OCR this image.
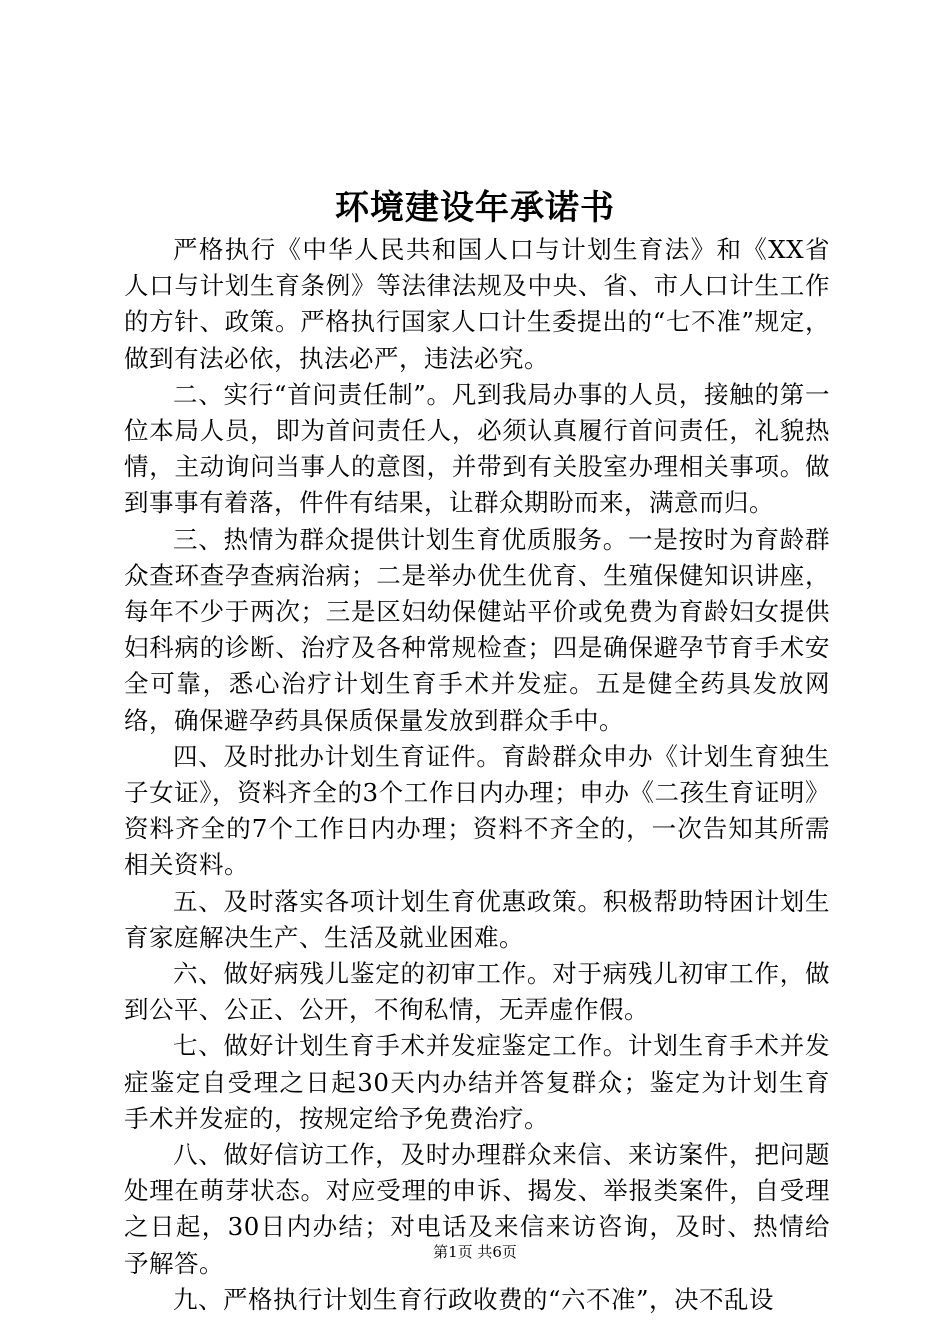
环境建设年承诺书

严格执行《中华人民共和国人口与计划生育法》和《XX省人口与计划生育条例》等法律法规及中央、省、市人口计生工作的方针、政策。严格执行国家人口计生委提出的“七不准”规定，做到有法必依，执法必严，违法必究。

二、实行“首问责任制”。凡到我局办事的人员，接触的第一位本局人员，即为首问责任人，必须认真履行首问责任，礼貌热情，主动询问当事人的意图，并带到有关股室办理相关事项。做到事事有着落，件件有结果，让群众期盼而来，满意而归。

三、热情为群众提供计划生育优质服务。一是按时为育龄群众查环查孕查病治病；二是举办优生优育、生殖保健知识讲座，每年不少于两次；三是区妇幼保健站平价或免费为育龄妇女提供妇科病的诊断、治疗及各种常规检查；四是确保避孕节育手术安全可靠，悉心治疗计划生育手术并发症。五是健全药具发放网络，确保避孕药具保质保量发放到群众手中。

四、及时批办计划生育证件。育龄群众申办《计划生育独生子女证》，资料齐全的3个工作日内办理；申办《二孩生育证明》资料齐全的7个工作日内办理；资料不齐全的，一次告知其所需相关资料。

五、及时落实各项计划生育优惠政策。积极帮助特困计划生育家庭解决生产、生活及就业困难。

六、做好病残儿鉴定的初审工作。对于病残儿初审工作，做到公平、公正、公开，不徇私情，无弄虚作假。

七、做好计划生育手术并发症鉴定工作。计划生育手术并发症鉴定自受理之日起30天内办结并答复群众；鉴定为计划生育手术并发症的，按规定给予免费治疗。

八、做好信访工作，及时办理群众来信、来访案件，把问题处理在萌芽状态。对应受理的申诉、揭发、举报类案件，自受理之日起，30日内办结；对电话及来信来访咨询，及时、热情给予解答。

九、严格执行计划生育行政收费的“六不准”，决不乱设

第1页 共6页
